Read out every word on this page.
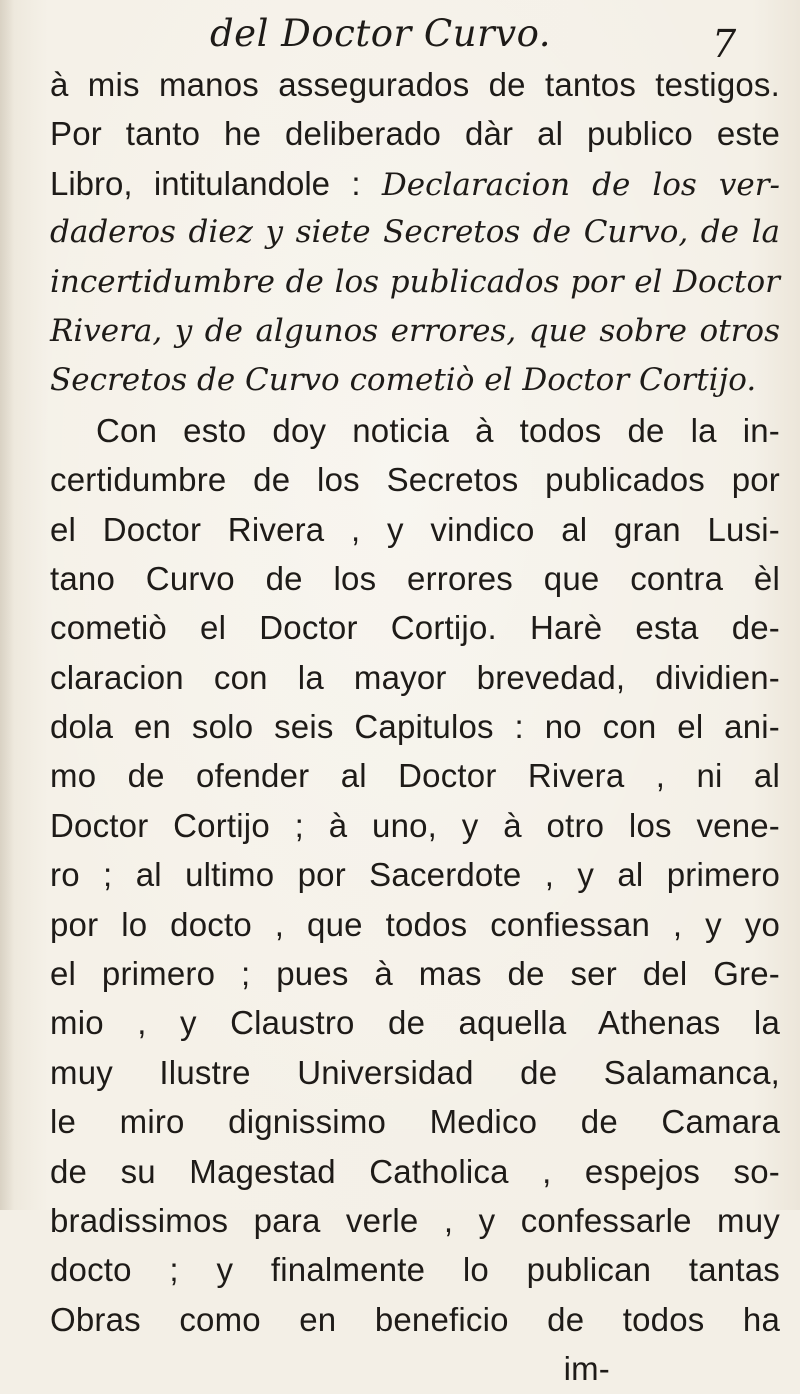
del Doctor Curvo.	7
à mis manos assegurados de tantos testigos.
Por tanto he deliberado dàr al publico este
Libro, intitulandole : Declaracion de los ver-
daderos diez y siete Secretos de Curvo, de la
incertidumbre de los publicados por el Doctor
Rivera, y de algunos errores, que sobre otros
Secretos de Curvo cometiò el Doctor Cortijo.
Con esto doy noticia à todos de la in-
certidumbre de los Secretos publicados por
el Doctor Rivera , y vindico al gran Lusi-
tano Curvo de los errores que contra èl
cometiò el Doctor Cortijo. Harè esta de-
claracion con la mayor brevedad, dividien-
dola en solo seis Capitulos : no con el ani-
mo de ofender al Doctor Rivera , ni al
Doctor Cortijo ; à uno, y à otro los vene-
ro ; al ultimo por Sacerdote , y al primero
por lo docto , que todos confiessan , y yo
el primero ; pues à mas de ser del Gre-
mio , y Claustro de aquella Athenas la
muy Ilustre Universidad de Salamanca,
le miro dignissimo Medico de Camara
de su Magestad Catholica , espejos so-
bradissimos para verle , y confessarle muy
docto ; y finalmente lo publican tantas
Obras como en beneficio de todos ha
im-
